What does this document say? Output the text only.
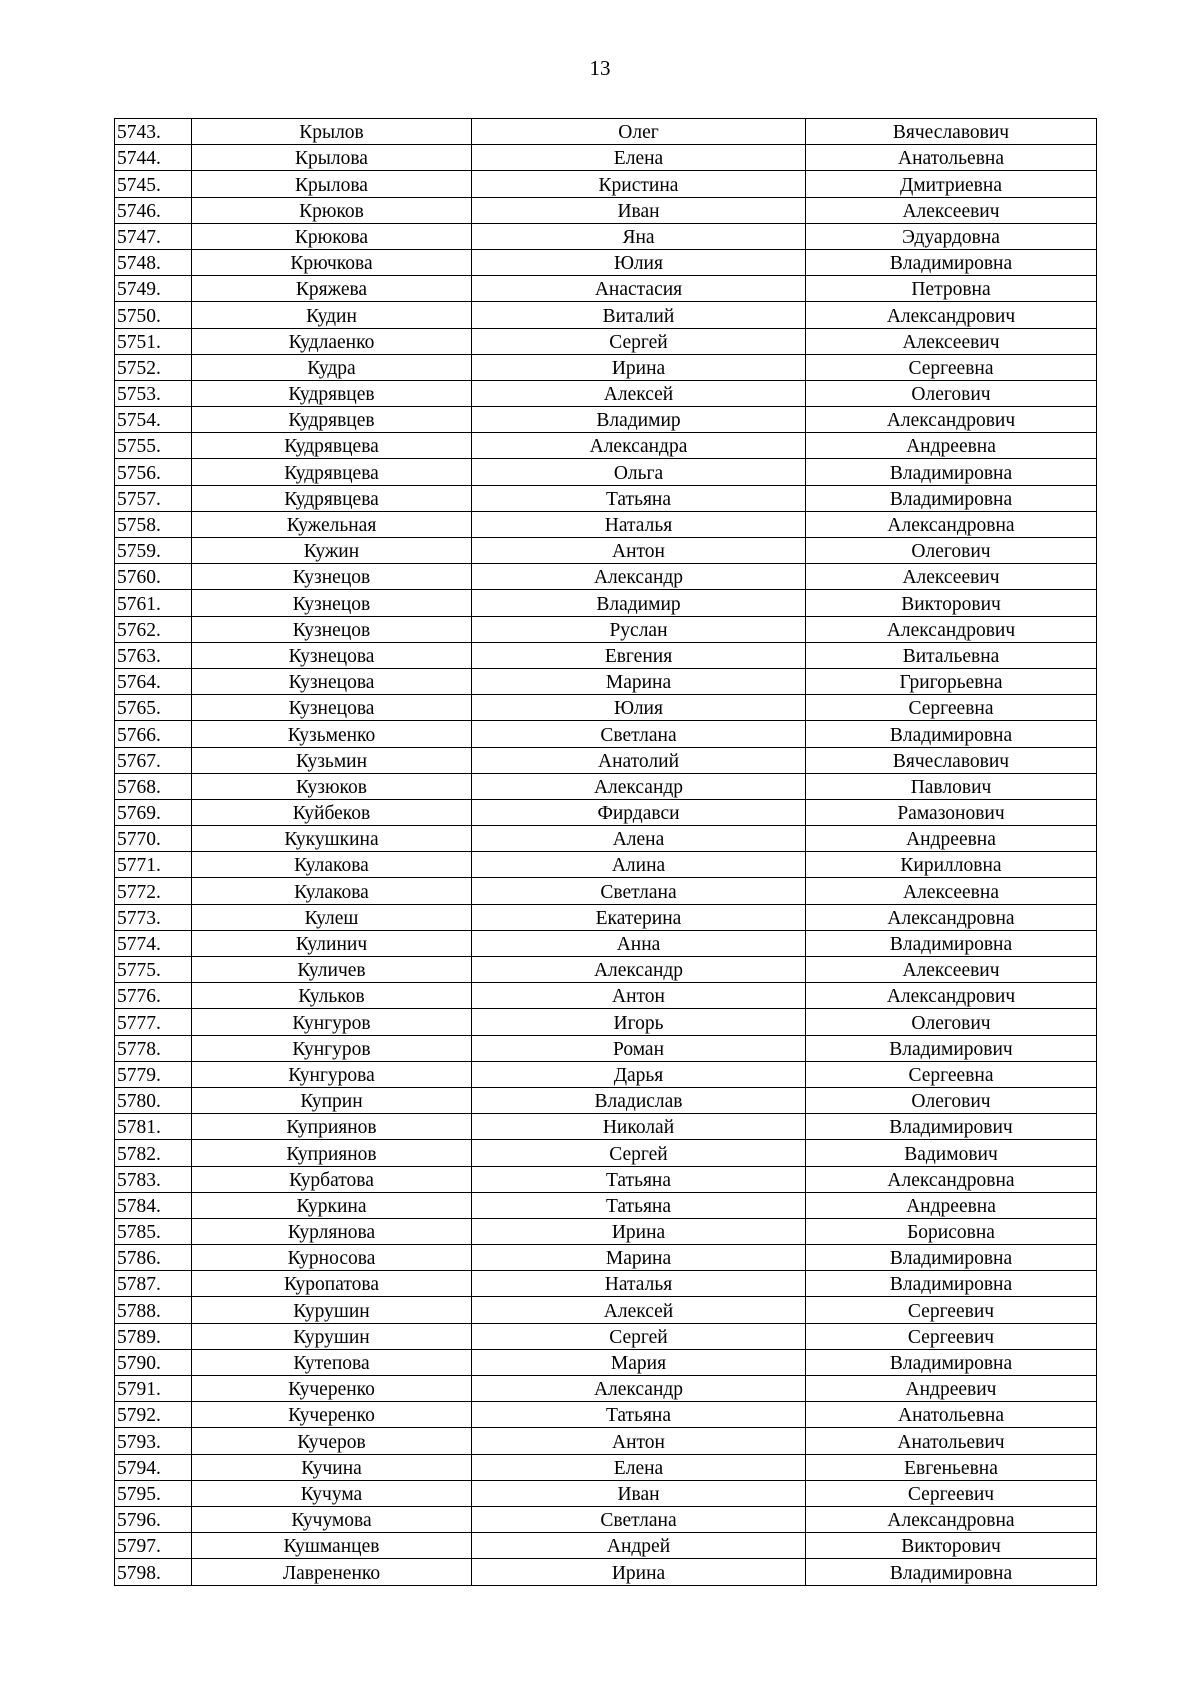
13
5743.	Крылов	Олег	Вячеславович
5744.	Крылова	Елена	Анатольевна
5745.	Крылова	Кристина	Дмитриевна
5746.	Крюков	Иван	Алексеевич
5747.	Крюкова	Яна	Эдуардовна
5748.	Крючкова	Юлия	Владимировна
5749.	Кряжева	Анастасия	Петровна
5750.	Кудин	Виталий	Александрович
5751.	Кудлаенко	Сергей	Алексеевич
5752.	Кудра	Ирина	Сергеевна
5753.	Кудрявцев	Алексей	Олегович
5754.	Кудрявцев	Владимир	Александрович
5755.	Кудрявцева	Александра	Андреевна
5756.	Кудрявцева	Ольга	Владимировна
5757.	Кудрявцева	Татьяна	Владимировна
5758.	Кужельная	Наталья	Александровна
5759.	Кужин	Антон	Олегович
5760.	Кузнецов	Александр	Алексеевич
5761.	Кузнецов	Владимир	Викторович
5762.	Кузнецов	Руслан	Александрович
5763.	Кузнецова	Евгения	Витальевна
5764.	Кузнецова	Марина	Григорьевна
5765.	Кузнецова	Юлия	Сергеевна
5766.	Кузьменко	Светлана	Владимировна
5767.	Кузьмин	Анатолий	Вячеславович
5768.	Кузюков	Александр	Павлович
5769.	Куйбеков	Фирдавси	Рамазонович
5770.	Кукушкина	Алена	Андреевна
5771.	Кулакова	Алина	Кирилловна
5772.	Кулакова	Светлана	Алексеевна
5773.	Кулеш	Екатерина	Александровна
5774.	Кулинич	Анна	Владимировна
5775.	Куличев	Александр	Алексеевич
5776.	Кульков	Антон	Александрович
5777.	Кунгуров	Игорь	Олегович
5778.	Кунгуров	Роман	Владимирович
5779.	Кунгурова	Дарья	Сергеевна
5780.	Куприн	Владислав	Олегович
5781.	Куприянов	Николай	Владимирович
5782.	Куприянов	Сергей	Вадимович
5783.	Курбатова	Татьяна	Александровна
5784.	Куркина	Татьяна	Андреевна
5785.	Курлянова	Ирина	Борисовна
5786.	Курносова	Марина	Владимировна
5787.	Куропатова	Наталья	Владимировна
5788.	Курушин	Алексей	Сергеевич
5789.	Курушин	Сергей	Сергеевич
5790.	Кутепова	Мария	Владимировна
5791.	Кучеренко	Александр	Андреевич
5792.	Кучеренко	Татьяна	Анатольевна
5793.	Кучеров	Антон	Анатольевич
5794.	Кучина	Елена	Евгеньевна
5795.	Кучума	Иван	Сергеевич
5796.	Кучумова	Светлана	Александровна
5797.	Кушманцев	Андрей	Викторович
5798.	Лаврененко	Ирина	Владимировна
